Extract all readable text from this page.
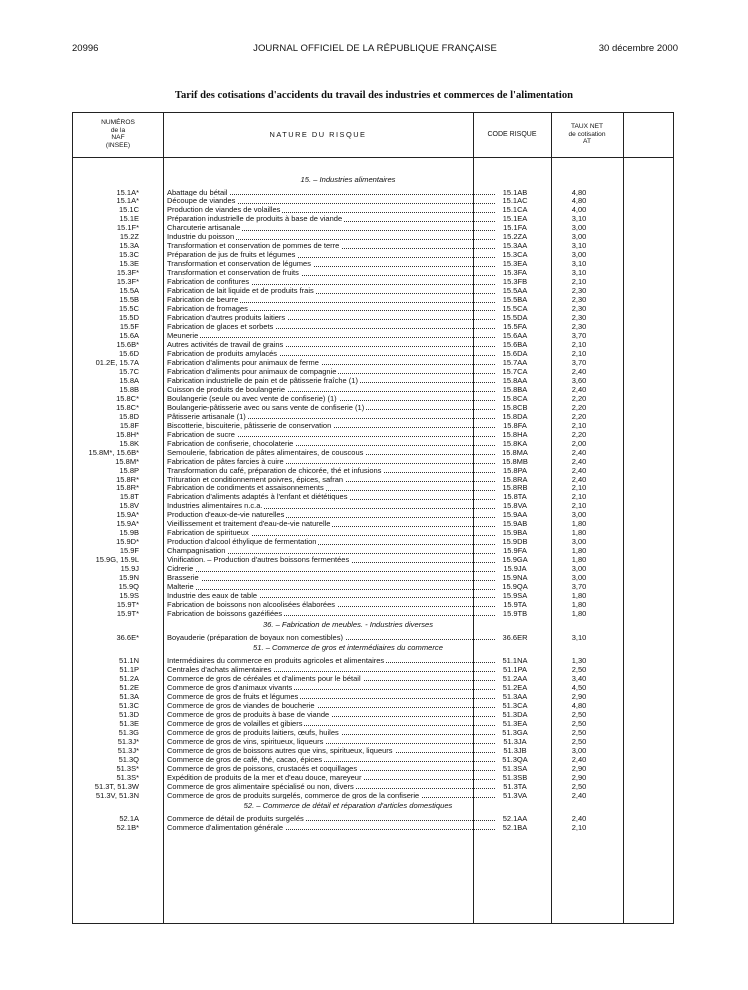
20996	JOURNAL OFFICIEL DE LA RÉPUBLIQUE FRANÇAISE	30 décembre 2000
Tarif des cotisations d'accidents du travail des industries et commerces de l'alimentation
NUMÉROS
de la
NAF
(INSEE)
NATURE DU RISQUE	CODE RISQUE
TAUX NET
de cotisation
AT
15. – Industries alimentaires
15.1A*	Abattage du bétail	15.1AB	4,80
15.1A*	Découpe de viandes	15.1AC	4,80
15.1C	Production de viandes de volailles	15.1CA	4,00
15.1E	Préparation industrielle de produits à base de viande	15.1EA	3,10
15.1F*	Charcuterie artisanale	15.1FA	3,00
15.2Z	Industrie du poisson	15.2ZA	3,00
15.3A	Transformation et conservation de pommes de terre	15.3AA	3,10
15.3C	Préparation de jus de fruits et légumes	15.3CA	3,00
15.3E	Transformation et conservation de légumes	15.3EA	3,10
15.3F*	Transformation et conservation de fruits	15.3FA	3,10
15.3F*	Fabrication de confitures	15.3FB	2,10
15.5A	Fabrication de lait liquide et de produits frais	15.5AA	2,30
15.5B	Fabrication de beurre	15.5BA	2,30
15.5C	Fabrication de fromages	15.5CA	2,30
15.5D	Fabrication d'autres produits laitiers	15.5DA	2,30
15.5F	Fabrication de glaces et sorbets	15.5FA	2,30
15.6A	Meunerie	15.6AA	3,70
15.6B*	Autres activités de travail de grains	15.6BA	2,10
15.6D	Fabrication de produits amylacés	15.6DA	2,10
01.2E, 15.7A	Fabrication d'aliments pour animaux de ferme	15.7AA	3,70
15.7C	Fabrication d'aliments pour animaux de compagnie	15.7CA	2,40
15.8A	Fabrication industrielle de pain et de pâtisserie fraîche (1)	15.8AA	3,60
15.8B	Cuisson de produits de boulangerie	15.8BA	2,40
15.8C*	Boulangerie (seule ou avec vente de confiserie) (1)	15.8CA	2,20
15.8C*	Boulangerie-pâtisserie avec ou sans vente de confiserie (1)	15.8CB	2,20
15.8D	Pâtisserie artisanale (1)	15.8DA	2,20
15.8F	Biscotterie, biscuiterie, pâtisserie de conservation	15.8FA	2,10
15.8H*	Fabrication de sucre	15.8HA	2,20
15.8K	Fabrication de confiserie, chocolaterie	15.8KA	2,00
15.8M*, 15.6B*	Semoulerie, fabrication de pâtes alimentaires, de couscous	15.8MA	2,40
15.8M*	Fabrication de pâtes farcies à cuire	15.8MB	2,40
15.8P	Transformation du café, préparation de chicorée, thé et infusions	15.8PA	2,40
15.8R*	Trituration et conditionnement poivres, épices, safran	15.8RA	2,40
15.8R*	Fabrication de condiments et assaisonnements	15.8RB	2,10
15.8T	Fabrication d'aliments adaptés à l'enfant et diététiques	15.8TA	2,10
15.8V	Industries alimentaires n.c.a.	15.8VA	2,10
15.9A*	Production d'eaux-de-vie naturelles	15.9AA	3,00
15.9A*	Vieillissement et traitement d'eau-de-vie naturelle	15.9AB	1,80
15.9B	Fabrication de spiritueux	15.9BA	1,80
15.9D*	Production d'alcool éthylique de fermentation	15.9DB	3,00
15.9F	Champagnisation	15.9FA	1,80
15.9G, 15.9L	Vinification. – Production d'autres boissons fermentées	15.9GA	1,80
15.9J	Cidrerie	15.9JA	3,00
15.9N	Brasserie	15.9NA	3,00
15.9Q	Malterie	15.9QA	3,70
15.9S	Industrie des eaux de table	15.9SA	1,80
15.9T*	Fabrication de boissons non alcoolisées élaborées	15.9TA	1,80
15.9T*	Fabrication de boissons gazéifiées	15.9TB	1,80
36. – Fabrication de meubles. - Industries diverses
36.6E*	Boyauderie (préparation de boyaux non comestibles)	36.6ER	3,10
51. – Commerce de gros et intermédiaires du commerce
51.1N	Intermédiaires du commerce en produits agricoles et alimentaires	51.1NA	1,30
51.1P	Centrales d'achats alimentaires	51.1PA	2,50
51.2A	Commerce de gros de céréales et d'aliments pour le bétail	51.2AA	3,40
51.2E	Commerce de gros d'animaux vivants	51.2EA	4,50
51.3A	Commerce de gros de fruits et légumes	51.3AA	2,90
51.3C	Commerce de gros de viandes de boucherie	51.3CA	4,80
51.3D	Commerce de gros de produits à base de viande	51.3DA	2,50
51.3E	Commerce de gros de volailles et gibiers	51.3EA	2,50
51.3G	Commerce de gros de produits laitiers, œufs, huiles	51.3GA	2,50
51.3J*	Commerce de gros de vins, spiritueux, liqueurs	51.3JA	2,50
51.3J*	Commerce de gros de boissons autres que vins, spiritueux, liqueurs	51.3JB	3,00
51.3Q	Commerce de gros de café, thé, cacao, épices	51.3QA	2,40
51.3S*	Commerce de gros de poissons, crustacés et coquillages	51.3SA	2,90
51.3S*	Expédition de produits de la mer et d'eau douce, mareyeur	51.3SB	2,90
51.3T, 51.3W	Commerce de gros alimentaire spécialisé ou non, divers	51.3TA	2,50
51.3V, 51.3N	Commerce de gros de produits surgelés, commerce de gros de la confiserie	51.3VA	2,40
52. – Commerce de détail et réparation d'articles domestiques
52.1A	Commerce de détail de produits surgelés	52.1AA	2,40
52.1B*	Commerce d'alimentation générale	52.1BA	2,10
